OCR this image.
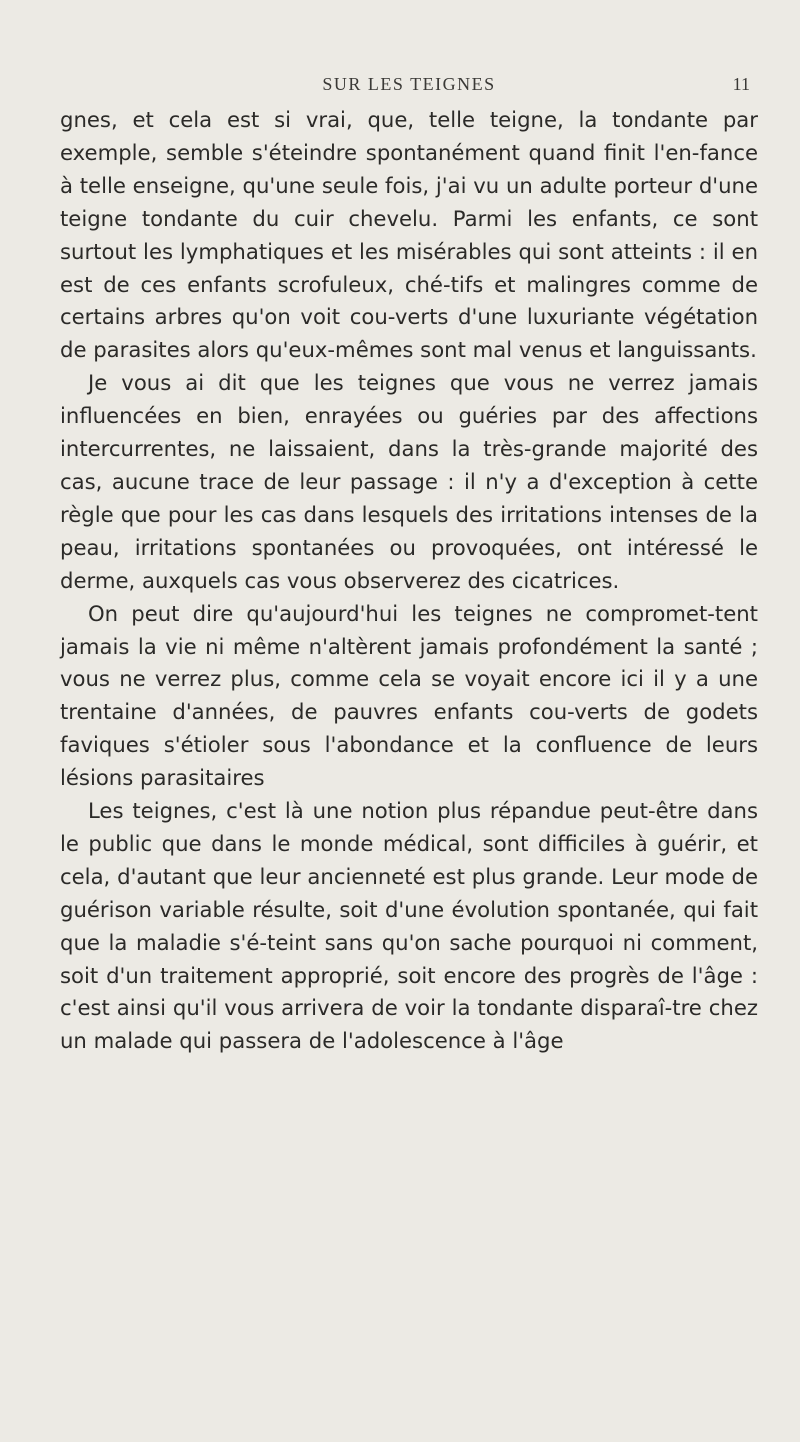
SUR LES TEIGNES	11

gnes, et cela est si vrai, que, telle teigne, la tondante par exemple, semble s'éteindre spontanément quand finit l'en-fance à telle enseigne, qu'une seule fois, j'ai vu un adulte porteur d'une teigne tondante du cuir chevelu. Parmi les enfants, ce sont surtout les lymphatiques et les misérables qui sont atteints : il en est de ces enfants scrofuleux, ché-tifs et malingres comme de certains arbres qu'on voit cou-verts d'une luxuriante végétation de parasites alors qu'eux-mêmes sont mal venus et languissants.

Je vous ai dit que les teignes que vous ne verrez jamais influencées en bien, enrayées ou guéries par des affections intercurrentes, ne laissaient, dans la très-grande majorité des cas, aucune trace de leur passage : il n'y a d'exception à cette règle que pour les cas dans lesquels des irritations intenses de la peau, irritations spontanées ou provoquées, ont intéressé le derme, auxquels cas vous observerez des cicatrices.

On peut dire qu'aujourd'hui les teignes ne compromet-tent jamais la vie ni même n'altèrent jamais profondément la santé ; vous ne verrez plus, comme cela se voyait encore ici il y a une trentaine d'années, de pauvres enfants cou-verts de godets faviques s'étioler sous l'abondance et la confluence de leurs lésions parasitaires

Les teignes, c'est là une notion plus répandue peut-être dans le public que dans le monde médical, sont difficiles à guérir, et cela, d'autant que leur ancienneté est plus grande. Leur mode de guérison variable résulte, soit d'une évolution spontanée, qui fait que la maladie s'é-teint sans qu'on sache pourquoi ni comment, soit d'un traitement approprié, soit encore des progrès de l'âge : c'est ainsi qu'il vous arrivera de voir la tondante disparaî-tre chez un malade qui passera de l'adolescence à l'âge
